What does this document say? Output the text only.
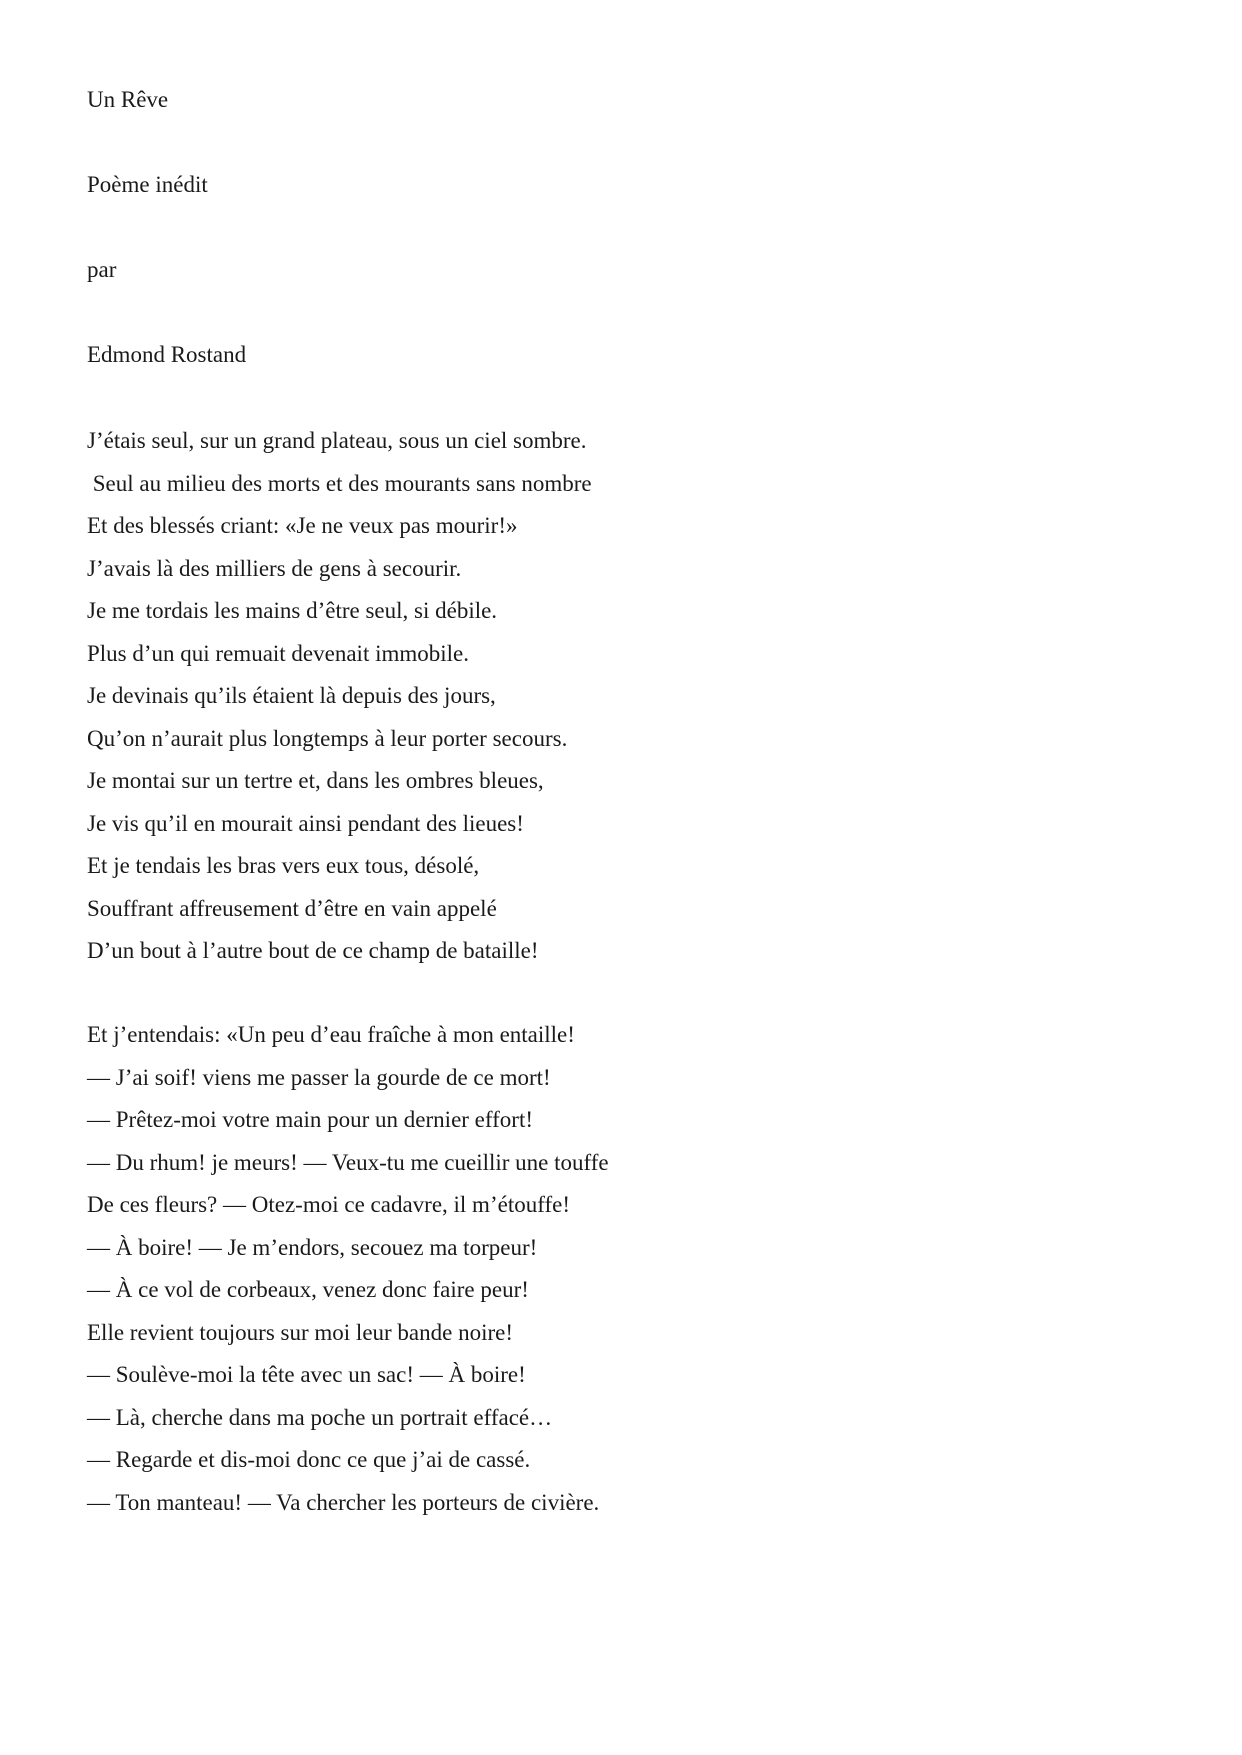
Un Rêve
Poème inédit
par
Edmond Rostand
J’étais seul, sur un grand plateau, sous un ciel sombre.
Seul au milieu des morts et des mourants sans nombre
Et des blessés criant: «Je ne veux pas mourir!»
J’avais là des milliers de gens à secourir.
Je me tordais les mains d’être seul, si débile.
Plus d’un qui remuait devenait immobile.
Je devinais qu’ils étaient là depuis des jours,
Qu’on n’aurait plus longtemps à leur porter secours.
Je montai sur un tertre et, dans les ombres bleues,
Je vis qu’il en mourait ainsi pendant des lieues!
Et je tendais les bras vers eux tous, désolé,
Souffrant affreusement d’être en vain appelé
D’un bout à l’autre bout de ce champ de bataille!
Et j’entendais: «Un peu d’eau fraîche à mon entaille!
— J’ai soif! viens me passer la gourde de ce mort!
— Prêtez-moi votre main pour un dernier effort!
— Du rhum! je meurs! — Veux-tu me cueillir une touffe
De ces fleurs? — Otez-moi ce cadavre, il m’étouffe!
— À boire! — Je m’endors, secouez ma torpeur!
— À ce vol de corbeaux, venez donc faire peur!
Elle revient toujours sur moi leur bande noire!
— Soulève-moi la tête avec un sac! — À boire!
— Là, cherche dans ma poche un portrait effacé…
— Regarde et dis-moi donc ce que j’ai de cassé.
— Ton manteau! — Va chercher les porteurs de civière.
